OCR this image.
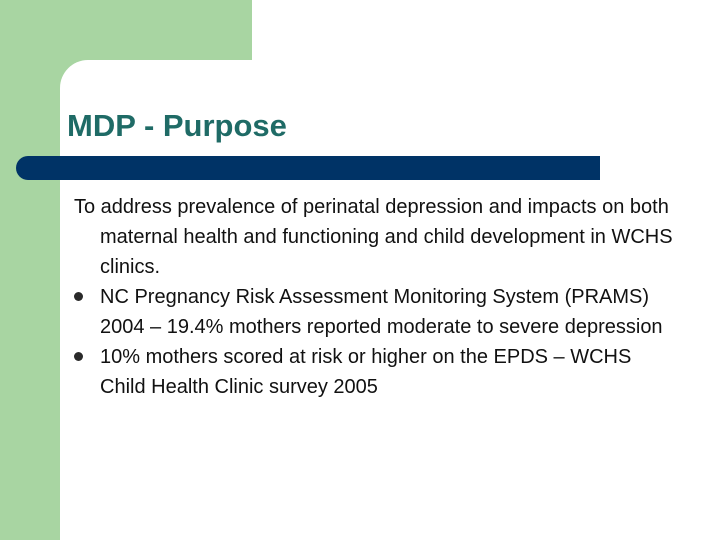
MDP - Purpose
To address prevalence of perinatal depression and impacts on both maternal health and functioning and child development in WCHS clinics.
NC Pregnancy Risk Assessment Monitoring System (PRAMS) 2004 – 19.4% mothers reported moderate to severe depression
10% mothers scored at risk or higher on the EPDS – WCHS Child Health Clinic survey 2005
